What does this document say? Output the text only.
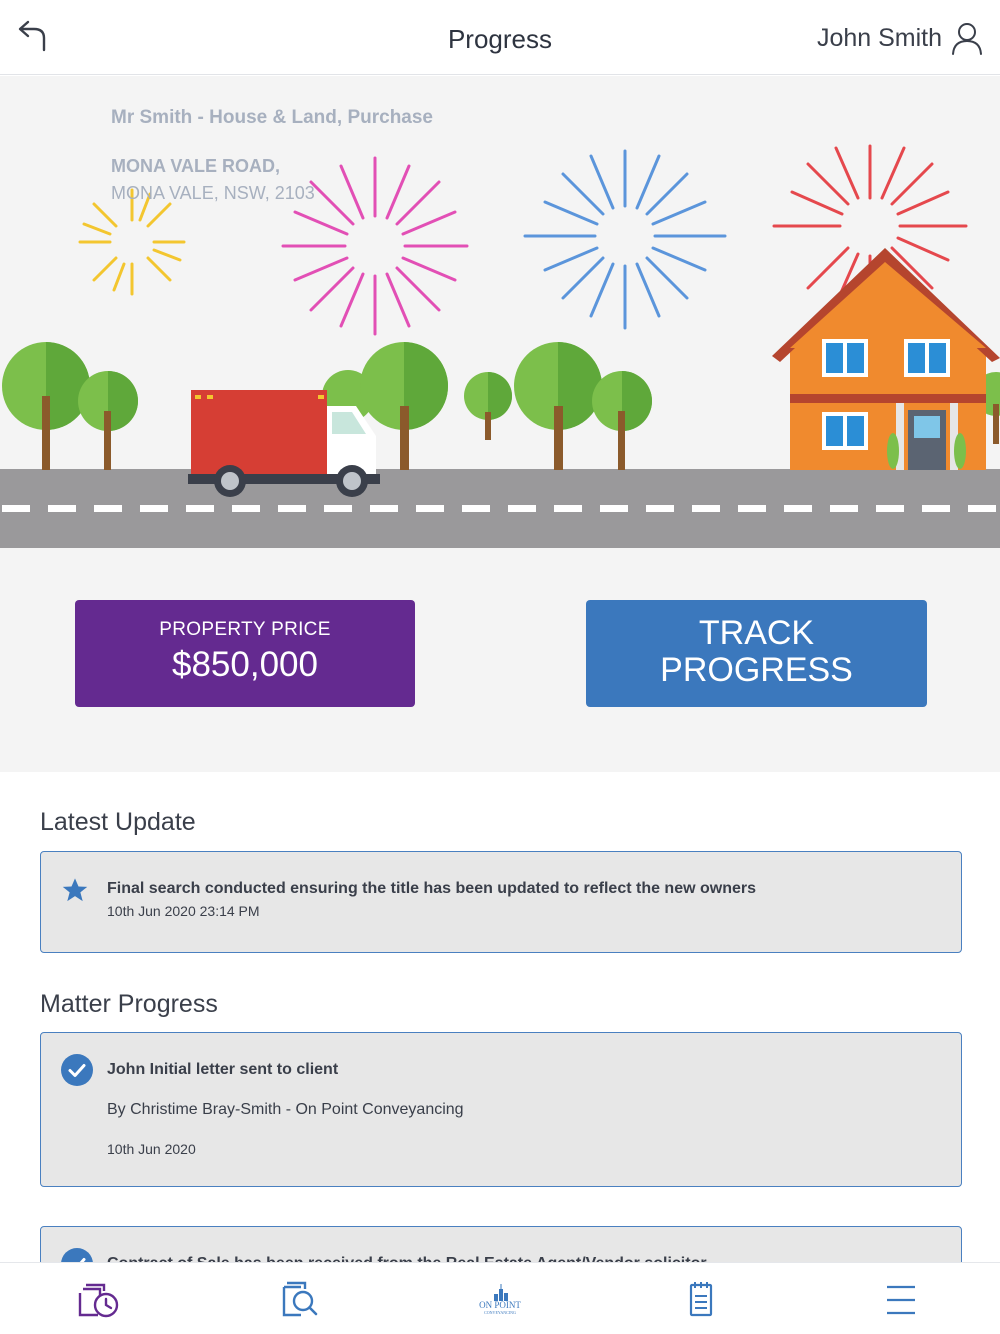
Progress	John Smith
Mr Smith - House & Land, Purchase
MONA VALE ROAD,
MONA VALE, NSW, 2103
PROPERTY PRICE
$850,000
TRACK
PROGRESS
Latest Update
Final search conducted ensuring the title has been updated to reflect the new owners
10th Jun 2020 23:14 PM
Matter Progress
John Initial letter sent to client
By Christime Bray-Smith - On Point Conveyancing
10th Jun 2020
ON POINT
CONVEYANCING
